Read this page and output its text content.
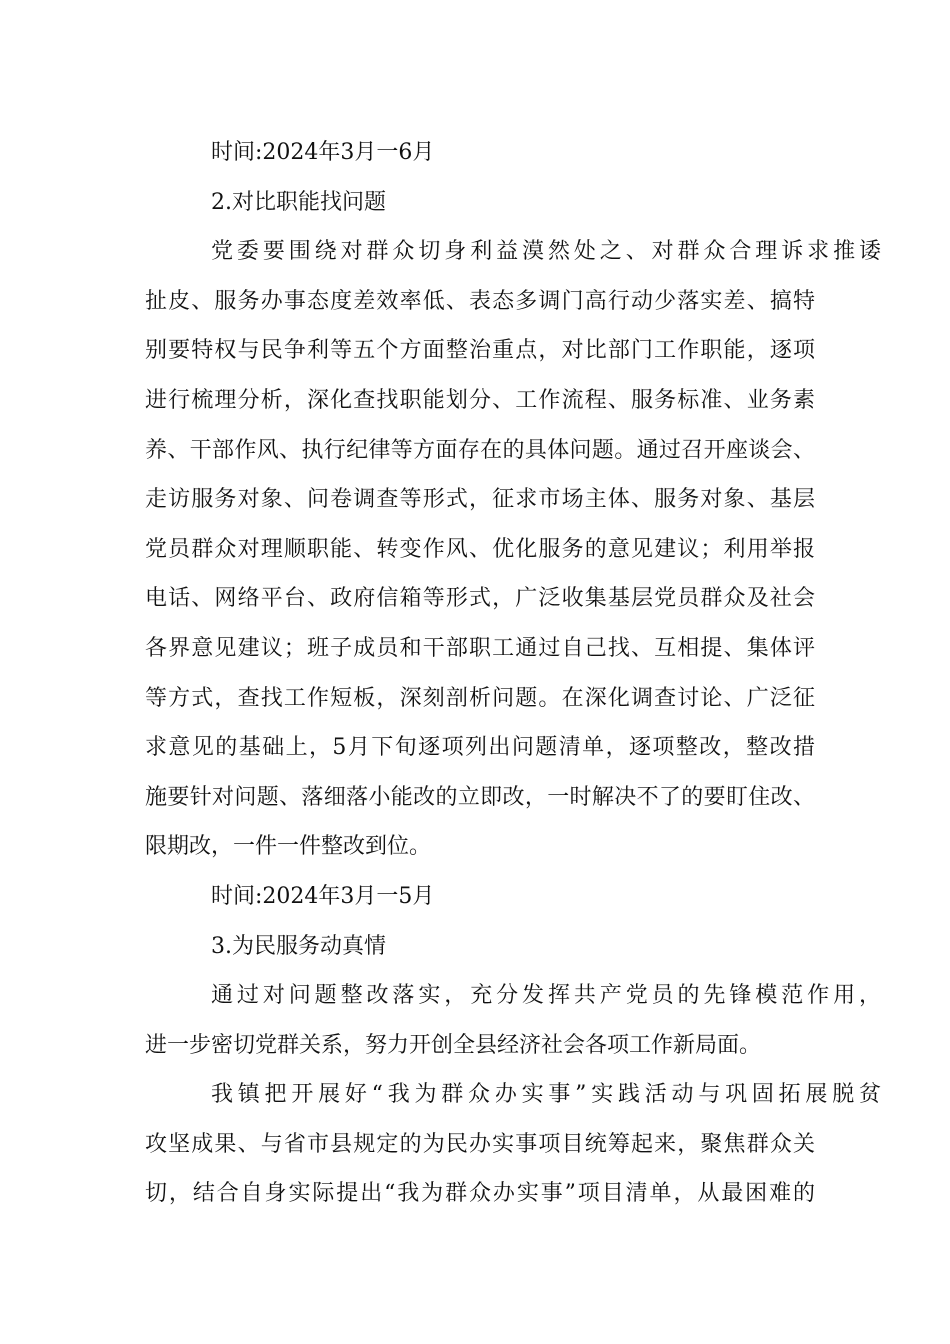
时间:2024年3月一6月
2.对比职能找问题
党委要围绕对群众切身利益漠然处之、对群众合理诉求推诿
扯皮、服务办事态度差效率低、表态多调门高行动少落实差、搞特
别要特权与民争利等五个方面整治重点，对比部门工作职能，逐项
进行梳理分析，深化查找职能划分、工作流程、服务标准、业务素
养、干部作风、执行纪律等方面存在的具体问题。通过召开座谈会、
走访服务对象、问卷调查等形式，征求市场主体、服务对象、基层
党员群众对理顺职能、转变作风、优化服务的意见建议；利用举报
电话、网络平台、政府信箱等形式，广泛收集基层党员群众及社会
各界意见建议；班子成员和干部职工通过自己找、互相提、集体评
等方式，查找工作短板，深刻剖析问题。在深化调查讨论、广泛征
求意见的基础上，5月下旬逐项列出问题清单，逐项整改，整改措
施要针对问题、落细落小能改的立即改，一时解决不了的要盯住改、
限期改，一件一件整改到位。
时间:2024年3月一5月
3.为民服务动真情
通过对问题整改落实，充分发挥共产党员的先锋模范作用，
进一步密切党群关系，努力开创全县经济社会各项工作新局面。
我镇把开展好“我为群众办实事”实践活动与巩固拓展脱贫
攻坚成果、与省市县规定的为民办实事项目统筹起来，聚焦群众关
切，结合自身实际提出“我为群众办实事”项目清单，从最困难的
